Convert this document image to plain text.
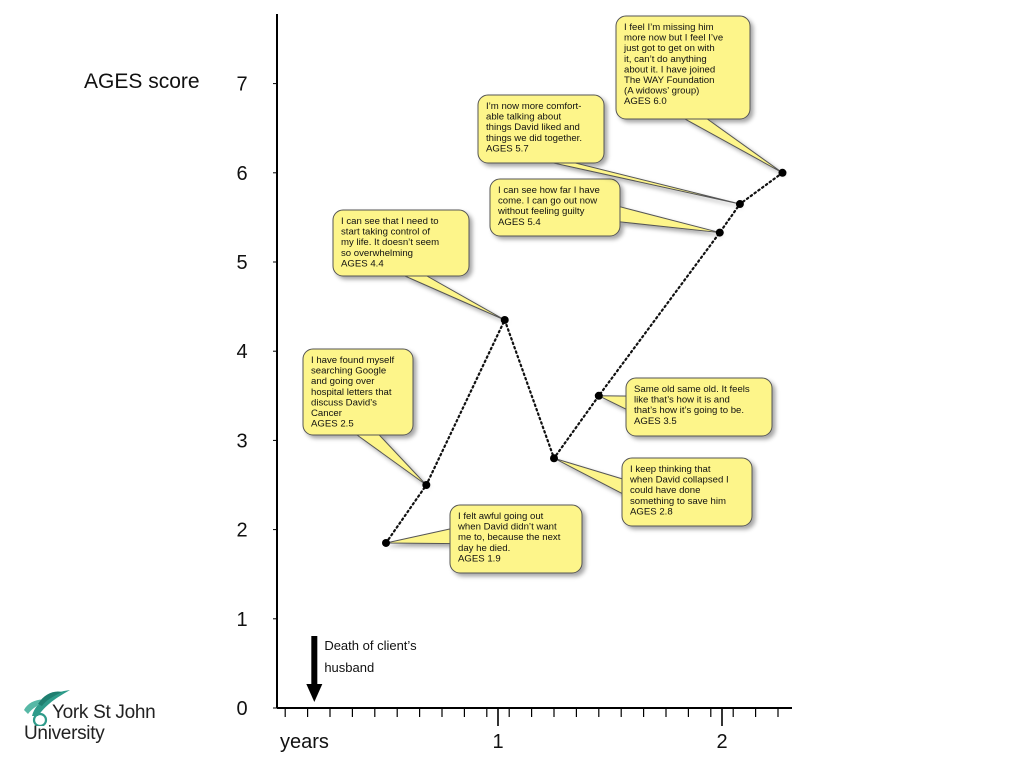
0
1
2
3
4
5
6
7
1	2
years
I felt awful going out when David didn’t want me to, because the next day he died. AGES 1.9
I have found myself searching Google and going over hospital letters that discuss David’s Cancer AGES 2.5
I can see that I need to start taking control of my life. It doesn’t seem so overwhelming AGES 4.4
I keep thinking that when David collapsed I could have done something to save him AGES 2.8
Same old same old. It feels like that’s how it is and that’s how it’s going to be. AGES 3.5
I can see how far I have come. I can go out now without feeling guilty AGES 5.4
I’m now more comfort-able talking about things David liked and things we did together. AGES 5.7
I feel I’m missing him more now but I feel I’ve just got to get on with it, can’t do anything about it. I have joined The WAY Foundation (A widows’ group) AGES 6.0
Death of client’s husband
AGES score
York St John
University
